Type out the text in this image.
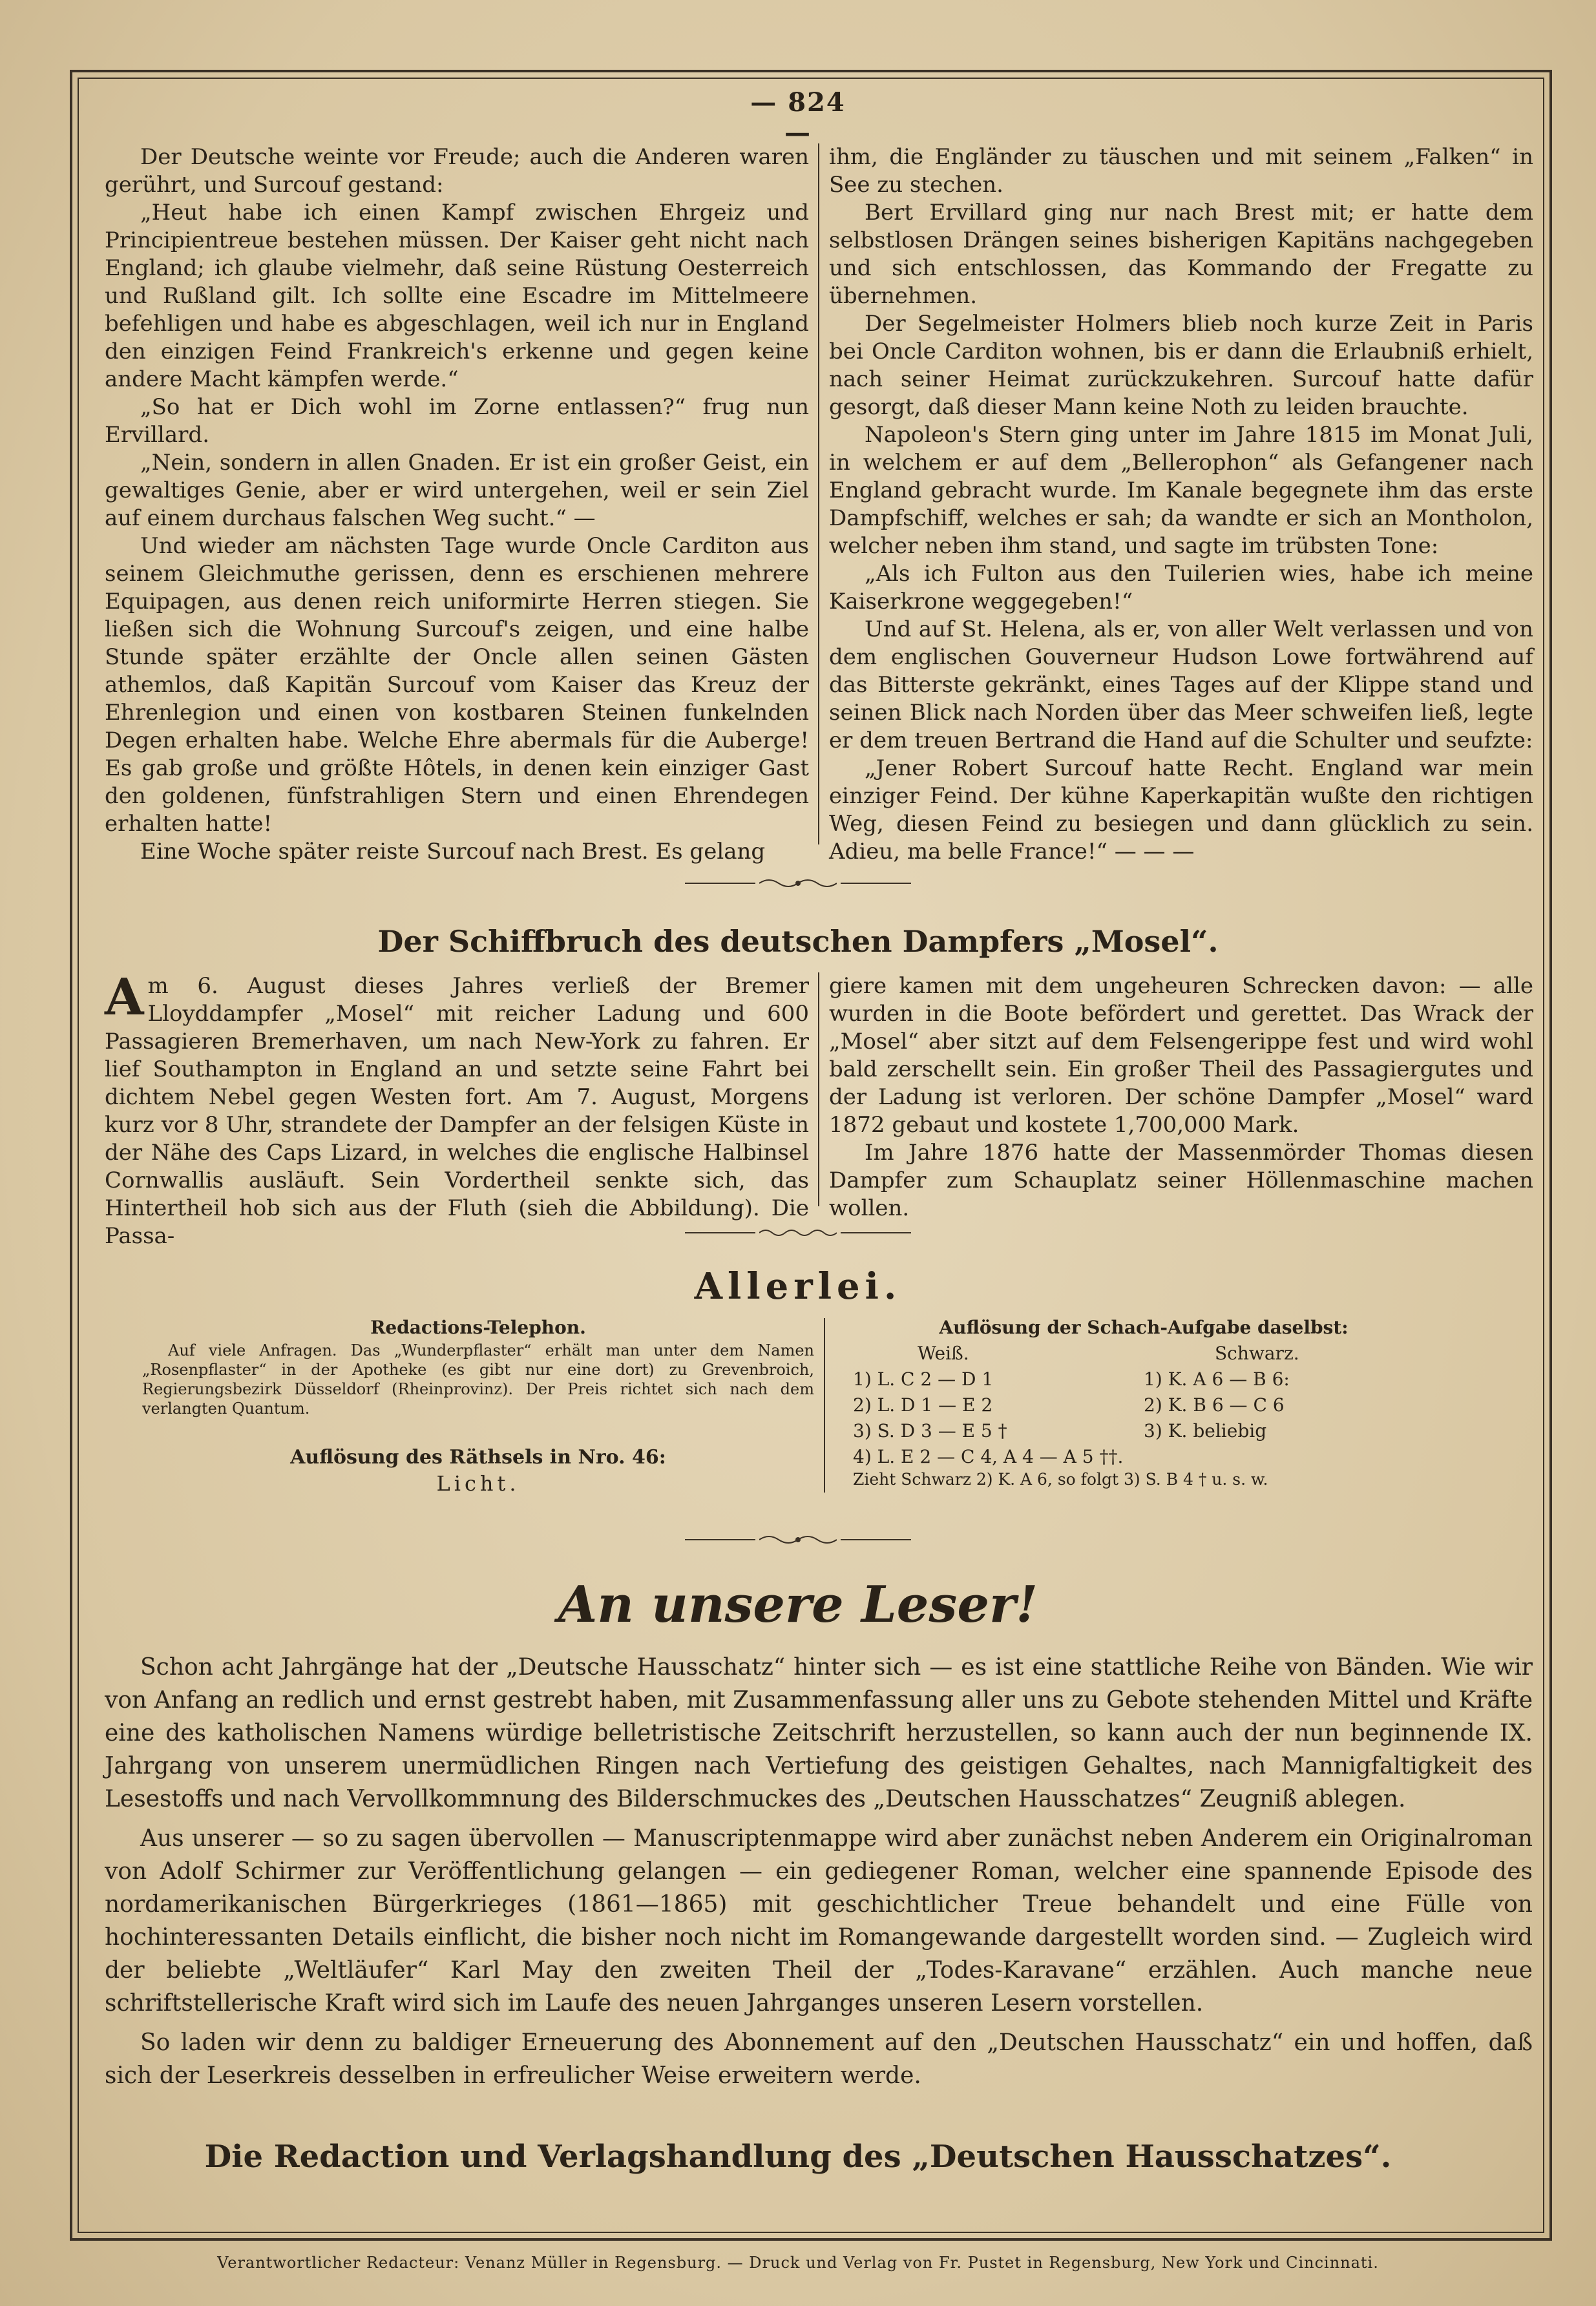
— 824 —

Der Deutsche weinte vor Freude; auch die Anderen waren gerührt, und Surcouf gestand:

„Heut habe ich einen Kampf zwischen Ehrgeiz und Principientreue bestehen müssen. Der Kaiser geht nicht nach England; ich glaube vielmehr, daß seine Rüstung Oesterreich und Rußland gilt. Ich sollte eine Escadre im Mittelmeere befehligen und habe es abgeschlagen, weil ich nur in England den einzigen Feind Frankreich's erkenne und gegen keine andere Macht kämpfen werde.“

„So hat er Dich wohl im Zorne entlassen?“ frug nun Ervillard.

„Nein, sondern in allen Gnaden. Er ist ein großer Geist, ein gewaltiges Genie, aber er wird untergehen, weil er sein Ziel auf einem durchaus falschen Weg sucht.“ —

Und wieder am nächsten Tage wurde Oncle Carditon aus seinem Gleichmuthe gerissen, denn es erschienen mehrere Equipagen, aus denen reich uniformirte Herren stiegen. Sie ließen sich die Wohnung Surcouf's zeigen, und eine halbe Stunde später erzählte der Oncle allen seinen Gästen athemlos, daß Kapitän Surcouf vom Kaiser das Kreuz der Ehrenlegion und einen von kostbaren Steinen funkelnden Degen erhalten habe. Welche Ehre abermals für die Auberge! Es gab große und größte Hôtels, in denen kein einziger Gast den goldenen, fünfstrahligen Stern und einen Ehrendegen erhalten hatte!

Eine Woche später reiste Surcouf nach Brest. Es gelang

ihm, die Engländer zu täuschen und mit seinem „Falken“ in See zu stechen.

Bert Ervillard ging nur nach Brest mit; er hatte dem selbstlosen Drängen seines bisherigen Kapitäns nachgegeben und sich entschlossen, das Kommando der Fregatte zu übernehmen.

Der Segelmeister Holmers blieb noch kurze Zeit in Paris bei Oncle Carditon wohnen, bis er dann die Erlaubniß erhielt, nach seiner Heimat zurückzukehren. Surcouf hatte dafür gesorgt, daß dieser Mann keine Noth zu leiden brauchte.

Napoleon's Stern ging unter im Jahre 1815 im Monat Juli, in welchem er auf dem „Bellerophon“ als Gefangener nach England gebracht wurde. Im Kanale begegnete ihm das erste Dampfschiff, welches er sah; da wandte er sich an Montholon, welcher neben ihm stand, und sagte im trübsten Tone:

„Als ich Fulton aus den Tuilerien wies, habe ich meine Kaiserkrone weggegeben!“

Und auf St. Helena, als er, von aller Welt verlassen und von dem englischen Gouverneur Hudson Lowe fortwährend auf das Bitterste gekränkt, eines Tages auf der Klippe stand und seinen Blick nach Norden über das Meer schweifen ließ, legte er dem treuen Bertrand die Hand auf die Schulter und seufzte:

„Jener Robert Surcouf hatte Recht. England war mein einziger Feind. Der kühne Kaperkapitän wußte den richtigen Weg, diesen Feind zu besiegen und dann glücklich zu sein. Adieu, ma belle France!“ — — —

Der Schiffbruch des deutschen Dampfers „Mosel“.
A m 6. August dieses Jahres verließ der Bremer Lloyddampfer „Mosel“ mit reicher Ladung und 600 Passagieren Bremerhaven, um nach New-York zu fahren. Er lief Southampton in England an und setzte seine Fahrt bei dichtem Nebel gegen Westen fort. Am 7. August, Morgens kurz vor 8 Uhr, strandete der Dampfer an der felsigen Küste in der Nähe des Caps Lizard, in welches die englische Halbinsel Cornwallis ausläuft. Sein Vordertheil senkte sich, das Hintertheil hob sich aus der Fluth (sieh die Abbildung). Die Passa-

giere kamen mit dem ungeheuren Schrecken davon: — alle wurden in die Boote befördert und gerettet. Das Wrack der „Mosel“ aber sitzt auf dem Felsengerippe fest und wird wohl bald zerschellt sein. Ein großer Theil des Passagiergutes und der Ladung ist verloren. Der schöne Dampfer „Mosel“ ward 1872 gebaut und kostete 1,700,000 Mark.

Im Jahre 1876 hatte der Massenmörder Thomas diesen Dampfer zum Schauplatz seiner Höllenmaschine machen wollen.

Allerlei.
Redactions-Telephon.
Auf viele Anfragen. Das „Wunderpflaster“ erhält man unter dem Namen „Rosenpflaster“ in der Apotheke (es gibt nur eine dort) zu Grevenbroich, Regierungsbezirk Düsseldorf (Rheinprovinz). Der Preis richtet sich nach dem verlangten Quantum.
Auflösung des Räthsels in Nro. 46:
Licht.
Auflösung der Schach-Aufgabe daselbst:
Weiß.	Schwarz.
1) L. C 2 — D 1	1) K. A 6 — B 6:
2) L. D 1 — E 2	2) K. B 6 — C 6
3) S. D 3 — E 5 †	3) K. beliebig
4) L. E 2 — C 4, A 4 — A 5 ††.
Zieht Schwarz 2) K. A 6, so folgt 3) S. B 4 † u. s. w.
An unsere Leser!

Schon acht Jahrgänge hat der „Deutsche Hausschatz“ hinter sich — es ist eine stattliche Reihe von Bänden. Wie wir von Anfang an redlich und ernst gestrebt haben, mit Zusammenfassung aller uns zu Gebote stehenden Mittel und Kräfte eine des katholischen Namens würdige belletristische Zeitschrift herzustellen, so kann auch der nun beginnende IX. Jahrgang von unserem unermüdlichen Ringen nach Vertiefung des geistigen Gehaltes, nach Mannigfaltigkeit des Lesestoffs und nach Vervollkommnung des Bilderschmuckes des „Deutschen Hausschatzes“ Zeugniß ablegen.

Aus unserer — so zu sagen übervollen — Manuscriptenmappe wird aber zunächst neben Anderem ein Originalroman von Adolf Schirmer zur Veröffentlichung gelangen — ein gediegener Roman, welcher eine spannende Episode des nordamerikanischen Bürgerkrieges (1861—1865) mit geschichtlicher Treue behandelt und eine Fülle von hochinteressanten Details einflicht, die bisher noch nicht im Romangewande dargestellt worden sind. — Zugleich wird der beliebte „Weltläufer“ Karl May den zweiten Theil der „Todes-Karavane“ erzählen. Auch manche neue schriftstellerische Kraft wird sich im Laufe des neuen Jahrganges unseren Lesern vorstellen.

So laden wir denn zu baldiger Erneuerung des Abonnement auf den „Deutschen Hausschatz“ ein und hoffen, daß sich der Leserkreis desselben in erfreulicher Weise erweitern werde.

Die Redaction und Verlagshandlung des „Deutschen Hausschatzes“.
Verantwortlicher Redacteur: Venanz Müller in Regensburg. — Druck und Verlag von Fr. Pustet in Regensburg, New York und Cincinnati.
